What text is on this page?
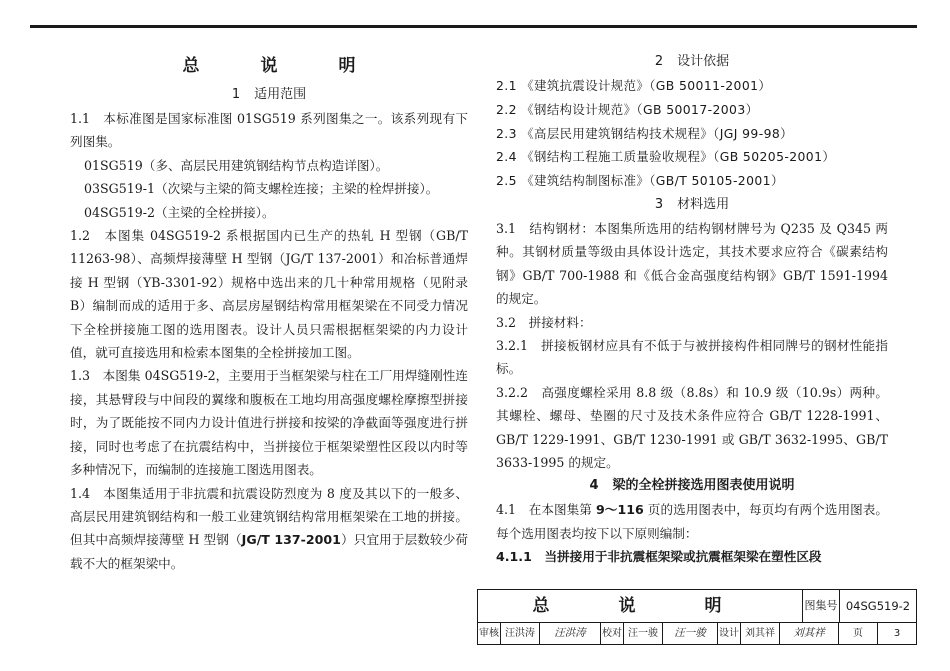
总　说　明
1 适用范围

1.1　本标准图是国家标准图 01SG519 系列图集之一。该系列现有下列图集。

01SG519（多、高层民用建筑钢结构节点构造详图）。

03SG519-1（次梁与主梁的简支螺栓连接；主梁的栓焊拼接）。

04SG519-2（主梁的全栓拼接）。

1.2　本图集 04SG519-2 系根据国内已生产的热轧 H 型钢（GB/T 11263-98）、高频焊接薄壁 H 型钢（JG/T 137-2001）和冶标普通焊接 H 型钢（YB-3301-92）规格中选出来的几十种常用规格（见附录 B）编制而成的适用于多、高层房屋钢结构常用框架梁在不同受力情况下全栓拼接施工图的选用图表。设计人员只需根据框架梁的内力设计值，就可直接选用和检索本图集的全栓拼接加工图。

1.3　本图集 04SG519-2，主要用于当框架梁与柱在工厂用焊缝刚性连接，其悬臂段与中间段的翼缘和腹板在工地均用高强度螺栓摩擦型拼接时，为了既能按不同内力设计值进行拼接和按梁的净截面等强度进行拼接，同时也考虑了在抗震结构中，当拼接位于框架梁塑性区段以内时等多种情况下，而编制的连接施工图选用图表。

1.4　本图集适用于非抗震和抗震设防烈度为 8 度及其以下的一般多、高层民用建筑钢结构和一般工业建筑钢结构常用框架梁在工地的拼接。但其中高频焊接薄壁 H 型钢（JG/T 137-2001）只宜用于层数较少荷载不大的框架梁中。

2 设计依据

2.1 《建筑抗震设计规范》（GB 50011-2001）

2.2 《钢结构设计规范》（GB 50017-2003）

2.3 《高层民用建筑钢结构技术规程》（JGJ 99-98）

2.4 《钢结构工程施工质量验收规程》（GB 50205-2001）

2.5 《建筑结构制图标准》（GB/T 50105-2001）

3 材料选用

3.1　结构钢材：本图集所选用的结构钢材牌号为 Q235 及 Q345 两种。其钢材质量等级由具体设计选定，其技术要求应符合《碳素结构钢》GB/T 700-1988 和《低合金高强度结构钢》GB/T 1591-1994 的规定。

3.2　拼接材料：

3.2.1　拼接板钢材应具有不低于与被拼接构件相同牌号的钢材性能指标。

3.2.2　高强度螺栓采用 8.8 级（8.8s）和 10.9 级（10.9s）两种。其螺栓、螺母、垫圈的尺寸及技术条件应符合 GB/T 1228-1991、GB/T 1229-1991、GB/T 1230-1991 或 GB/T 3632-1995、GB/T 3633-1995 的规定。

4 梁的全栓拼接选用图表使用说明

4.1　在本图集第 9～116 页的选用图表中，每页均有两个选用图表。每个选用图表均按下以下原则编制：

4.1.1　当拼接用于非抗震框架梁或抗震框架梁在塑性区段

总　说　明	图集号 04SG519-2
审核 汪洪涛	汪洪涛	校对 汪一骏	汪一骏	设计 刘其祥	刘其祥	页	3
